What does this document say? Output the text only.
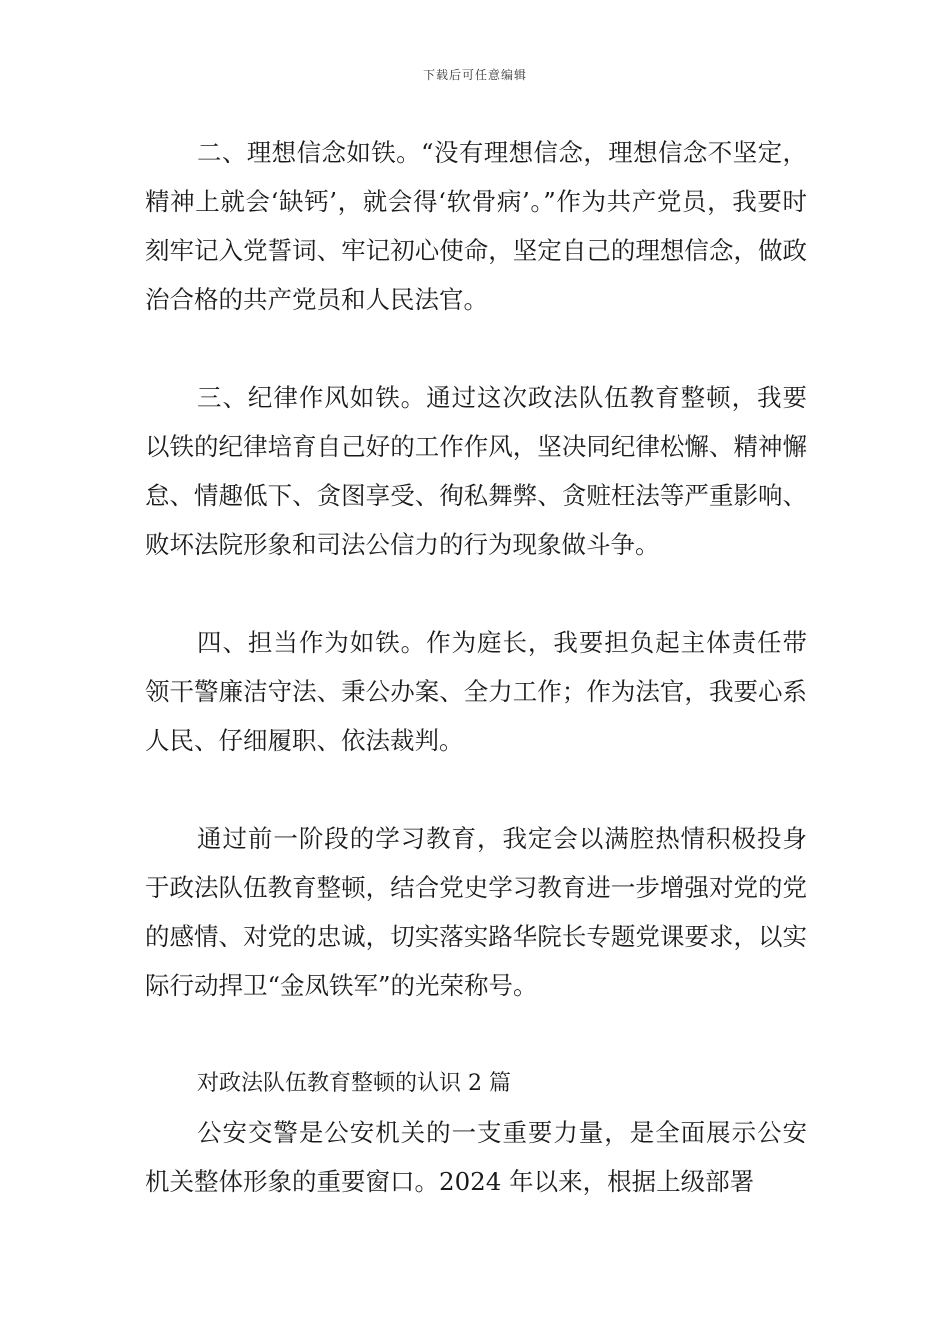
下载后可任意编辑

二、理想信念如铁。“没有理想信念，理想信念不坚定，精神上就会‘缺钙’，就会得‘软骨病’。”作为共产党员，我要时刻牢记入党誓词、牢记初心使命，坚定自己的理想信念，做政治合格的共产党员和人民法官。

三、纪律作风如铁。通过这次政法队伍教育整顿，我要以铁的纪律培育自己好的工作作风，坚决同纪律松懈、精神懈怠、情趣低下、贪图享受、徇私舞弊、贪赃枉法等严重影响、败坏法院形象和司法公信力的行为现象做斗争。

四、担当作为如铁。作为庭长，我要担负起主体责任带领干警廉洁守法、秉公办案、全力工作；作为法官，我要心系人民、仔细履职、依法裁判。

通过前一阶段的学习教育，我定会以满腔热情积极投身于政法队伍教育整顿，结合党史学习教育进一步增强对党的党的感情、对党的忠诚，切实落实路华院长专题党课要求，以实际行动捍卫“金凤铁军”的光荣称号。

对政法队伍教育整顿的认识 2 篇

公安交警是公安机关的一支重要力量，是全面展示公安机关整体形象的重要窗口。2024 年以来，根据上级部署
